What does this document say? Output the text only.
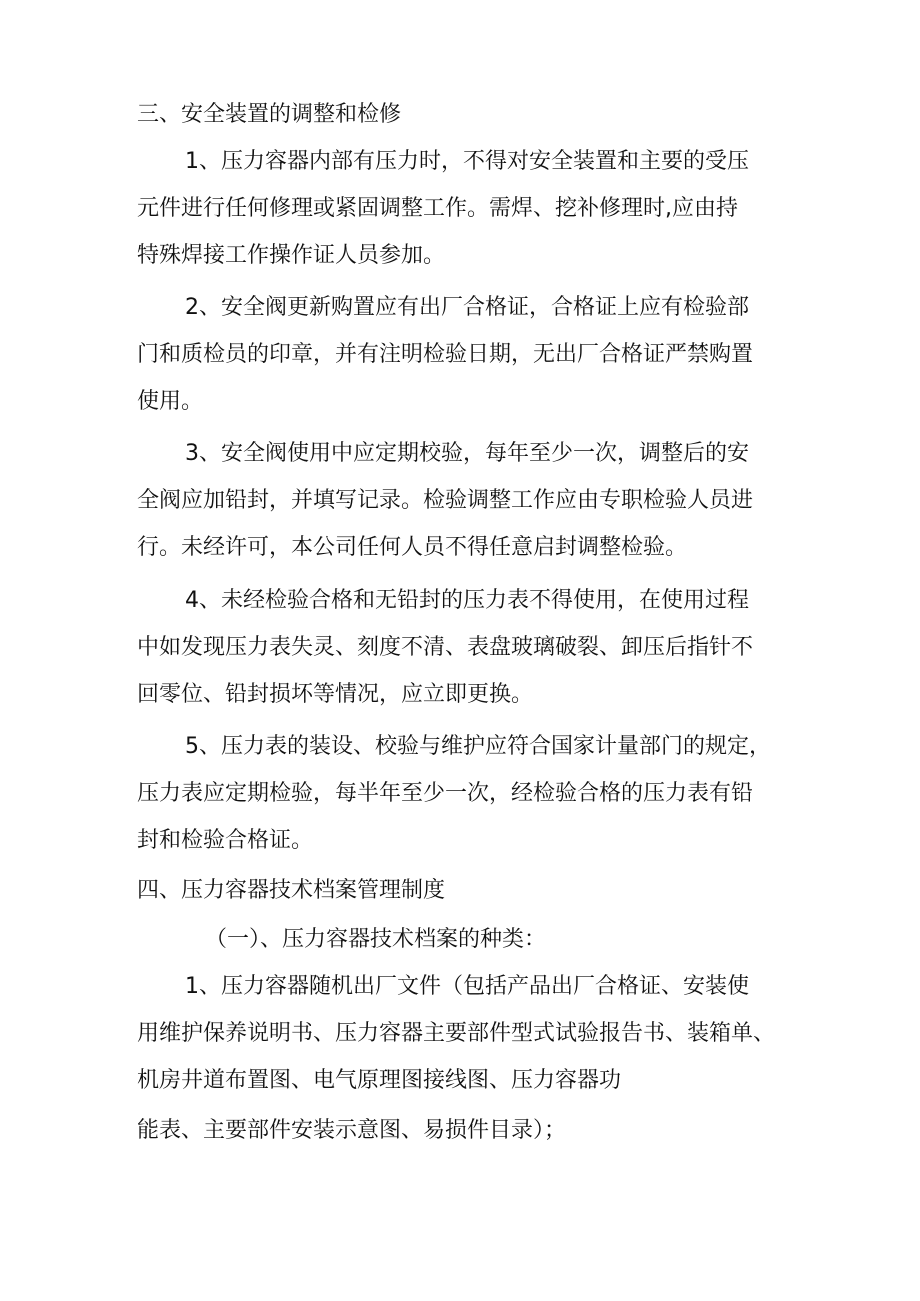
三、安全装置的调整和检修
1、压力容器内部有压力时，不得对安全装置和主要的受压
元件进行任何修理或紧固调整工作。需焊、挖补修理时,应由持
特殊焊接工作操作证人员参加。
2、安全阀更新购置应有出厂合格证，合格证上应有检验部
门和质检员的印章，并有注明检验日期，无出厂合格证严禁购置
使用。
3、安全阀使用中应定期校验，每年至少一次，调整后的安
全阀应加铅封，并填写记录。检验调整工作应由专职检验人员进
行。未经许可，本公司任何人员不得任意启封调整检验。
4、未经检验合格和无铅封的压力表不得使用，在使用过程
中如发现压力表失灵、刻度不清、表盘玻璃破裂、卸压后指针不
回零位、铅封损坏等情况，应立即更换。
5、压力表的装设、校验与维护应符合国家计量部门的规定，
压力表应定期检验，每半年至少一次，经检验合格的压力表有铅
封和检验合格证。
四、压力容器技术档案管理制度
（一）、压力容器技术档案的种类：
1、压力容器随机出厂文件（包括产品出厂合格证、安装使
用维护保养说明书、压力容器主要部件型式试验报告书、装箱单、
机房井道布置图、电气原理图接线图、压力容器功
能表、主要部件安装示意图、易损件目录）；
